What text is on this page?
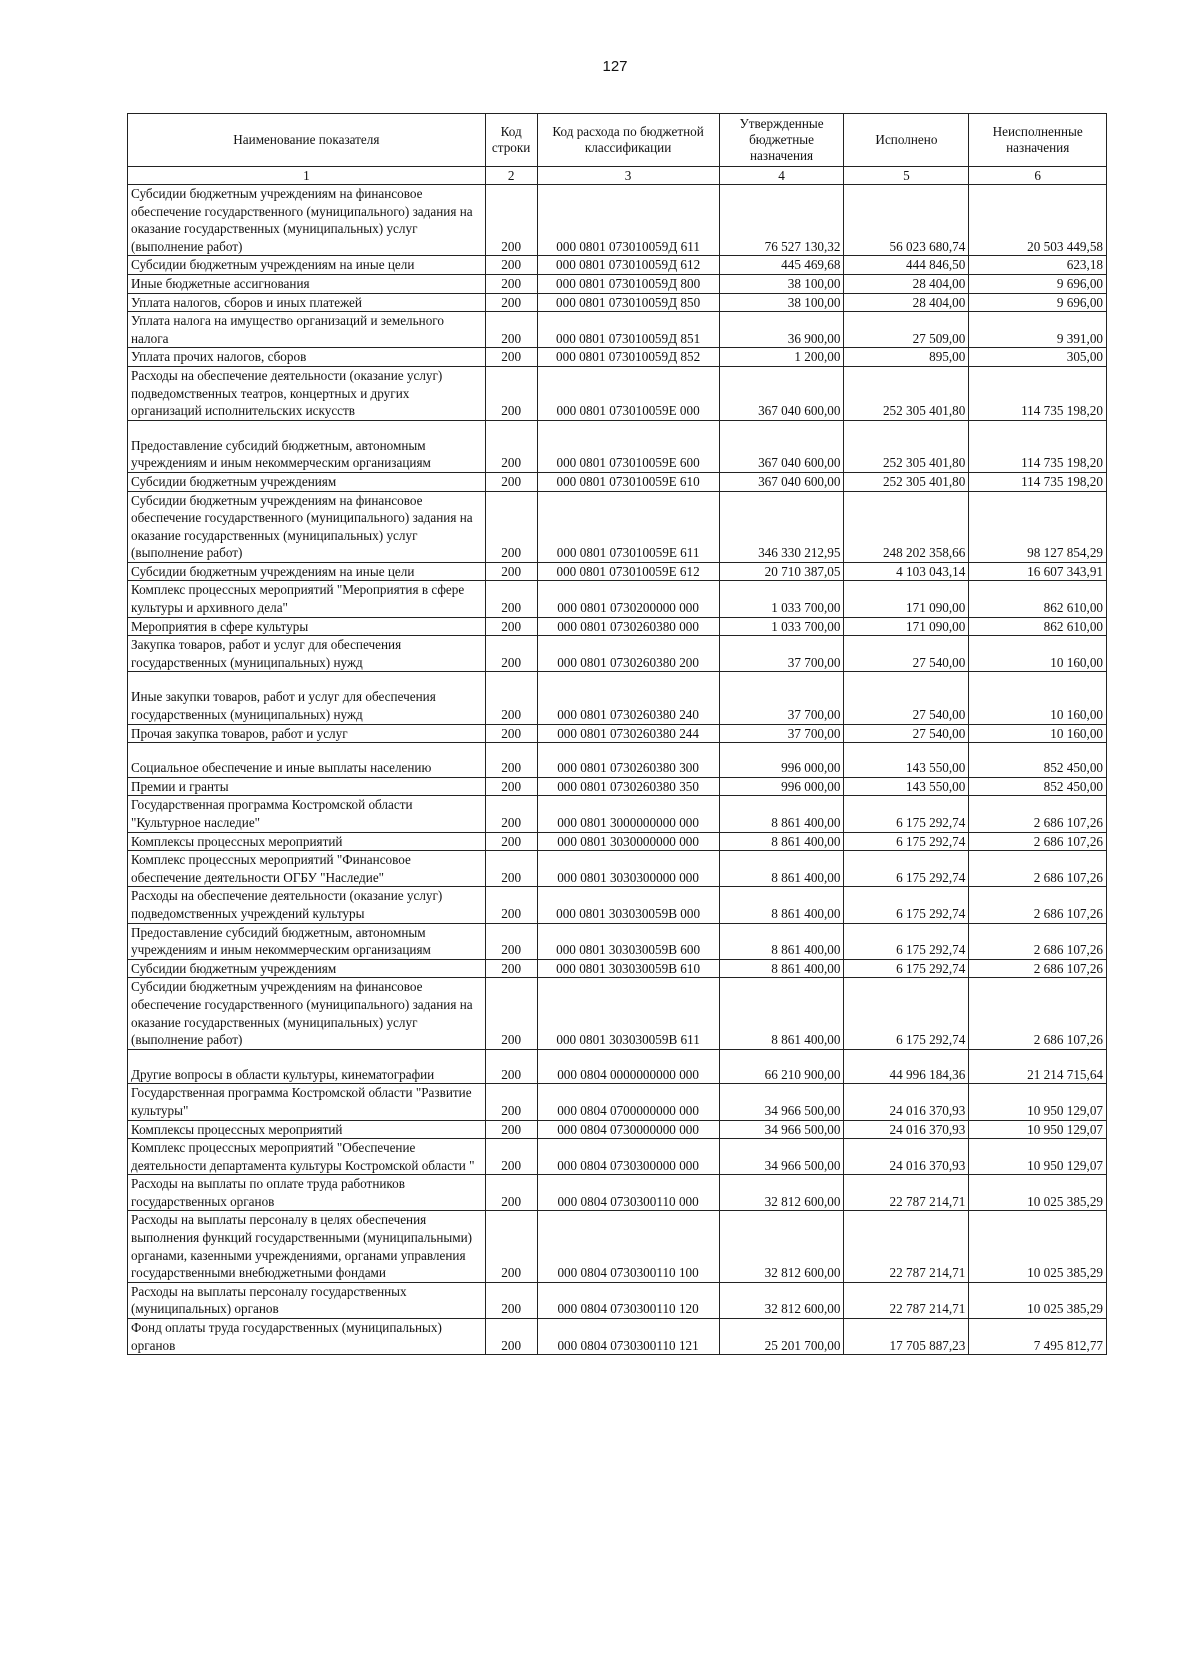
127
Наименование показателя	Код строки	Код расхода по бюджетной классификации	Утвержденные бюджетные назначения	Исполнено	Неисполненные назначения
1	2	3	4	5	6
Субсидии бюджетным учреждениям на финансовое обеспечение государственного (муниципального) задания на оказание государственных (муниципальных) услуг (выполнение работ)	200	000 0801 073010059Д 611	76 527 130,32	56 023 680,74	20 503 449,58
Субсидии бюджетным учреждениям на иные цели	200	000 0801 073010059Д 612	445 469,68	444 846,50	623,18
Иные бюджетные ассигнования	200	000 0801 073010059Д 800	38 100,00	28 404,00	9 696,00
Уплата налогов, сборов и иных платежей	200	000 0801 073010059Д 850	38 100,00	28 404,00	9 696,00
Уплата налога на имущество организаций и земельного налога	200	000 0801 073010059Д 851	36 900,00	27 509,00	9 391,00
Уплата прочих налогов, сборов	200	000 0801 073010059Д 852	1 200,00	895,00	305,00
Расходы на обеспечение деятельности (оказание услуг) подведомственных театров, концертных и других организаций исполнительских искусств	200	000 0801 073010059Е 000	367 040 600,00	252 305 401,80	114 735 198,20
Предоставление субсидий бюджетным, автономным учреждениям и иным некоммерческим организациям	200	000 0801 073010059Е 600	367 040 600,00	252 305 401,80	114 735 198,20
Субсидии бюджетным учреждениям	200	000 0801 073010059Е 610	367 040 600,00	252 305 401,80	114 735 198,20
Субсидии бюджетным учреждениям на финансовое обеспечение государственного (муниципального) задания на оказание государственных (муниципальных) услуг (выполнение работ)	200	000 0801 073010059Е 611	346 330 212,95	248 202 358,66	98 127 854,29
Субсидии бюджетным учреждениям на иные цели	200	000 0801 073010059Е 612	20 710 387,05	4 103 043,14	16 607 343,91
Комплекс процессных мероприятий "Мероприятия в сфере культуры и архивного дела"	200	000 0801 0730200000 000	1 033 700,00	171 090,00	862 610,00
Мероприятия в сфере культуры	200	000 0801 0730260380 000	1 033 700,00	171 090,00	862 610,00
Закупка товаров, работ и услуг для обеспечения государственных (муниципальных) нужд	200	000 0801 0730260380 200	37 700,00	27 540,00	10 160,00
Иные закупки товаров, работ и услуг для обеспечения государственных (муниципальных) нужд	200	000 0801 0730260380 240	37 700,00	27 540,00	10 160,00
Прочая закупка товаров, работ и услуг	200	000 0801 0730260380 244	37 700,00	27 540,00	10 160,00
Социальное обеспечение и иные выплаты населению	200	000 0801 0730260380 300	996 000,00	143 550,00	852 450,00
Премии и гранты	200	000 0801 0730260380 350	996 000,00	143 550,00	852 450,00
Государственная программа Костромской области "Культурное наследие"	200	000 0801 3000000000 000	8 861 400,00	6 175 292,74	2 686 107,26
Комплексы процессных мероприятий	200	000 0801 3030000000 000	8 861 400,00	6 175 292,74	2 686 107,26
Комплекс процессных мероприятий "Финансовое обеспечение деятельности ОГБУ "Наследие"	200	000 0801 3030300000 000	8 861 400,00	6 175 292,74	2 686 107,26
Расходы на обеспечение деятельности (оказание услуг) подведомственных учреждений культуры	200	000 0801 303030059В 000	8 861 400,00	6 175 292,74	2 686 107,26
Предоставление субсидий бюджетным, автономным учреждениям и иным некоммерческим организациям	200	000 0801 303030059В 600	8 861 400,00	6 175 292,74	2 686 107,26
Субсидии бюджетным учреждениям	200	000 0801 303030059В 610	8 861 400,00	6 175 292,74	2 686 107,26
Субсидии бюджетным учреждениям на финансовое обеспечение государственного (муниципального) задания на оказание государственных (муниципальных) услуг (выполнение работ)	200	000 0801 303030059В 611	8 861 400,00	6 175 292,74	2 686 107,26
Другие вопросы в области культуры, кинематографии	200	000 0804 0000000000 000	66 210 900,00	44 996 184,36	21 214 715,64
Государственная программа Костромской области "Развитие культуры"	200	000 0804 0700000000 000	34 966 500,00	24 016 370,93	10 950 129,07
Комплексы процессных мероприятий	200	000 0804 0730000000 000	34 966 500,00	24 016 370,93	10 950 129,07
Комплекс процессных мероприятий "Обеспечение деятельности департамента культуры Костромской области "	200	000 0804 0730300000 000	34 966 500,00	24 016 370,93	10 950 129,07
Расходы на выплаты по оплате труда работников государственных органов	200	000 0804 0730300110 000	32 812 600,00	22 787 214,71	10 025 385,29
Расходы на выплаты персоналу в целях обеспечения выполнения функций государственными (муниципальными) органами, казенными учреждениями, органами управления государственными внебюджетными фондами	200	000 0804 0730300110 100	32 812 600,00	22 787 214,71	10 025 385,29
Расходы на выплаты персоналу государственных (муниципальных) органов	200	000 0804 0730300110 120	32 812 600,00	22 787 214,71	10 025 385,29
Фонд оплаты труда государственных (муниципальных) органов	200	000 0804 0730300110 121	25 201 700,00	17 705 887,23	7 495 812,77
